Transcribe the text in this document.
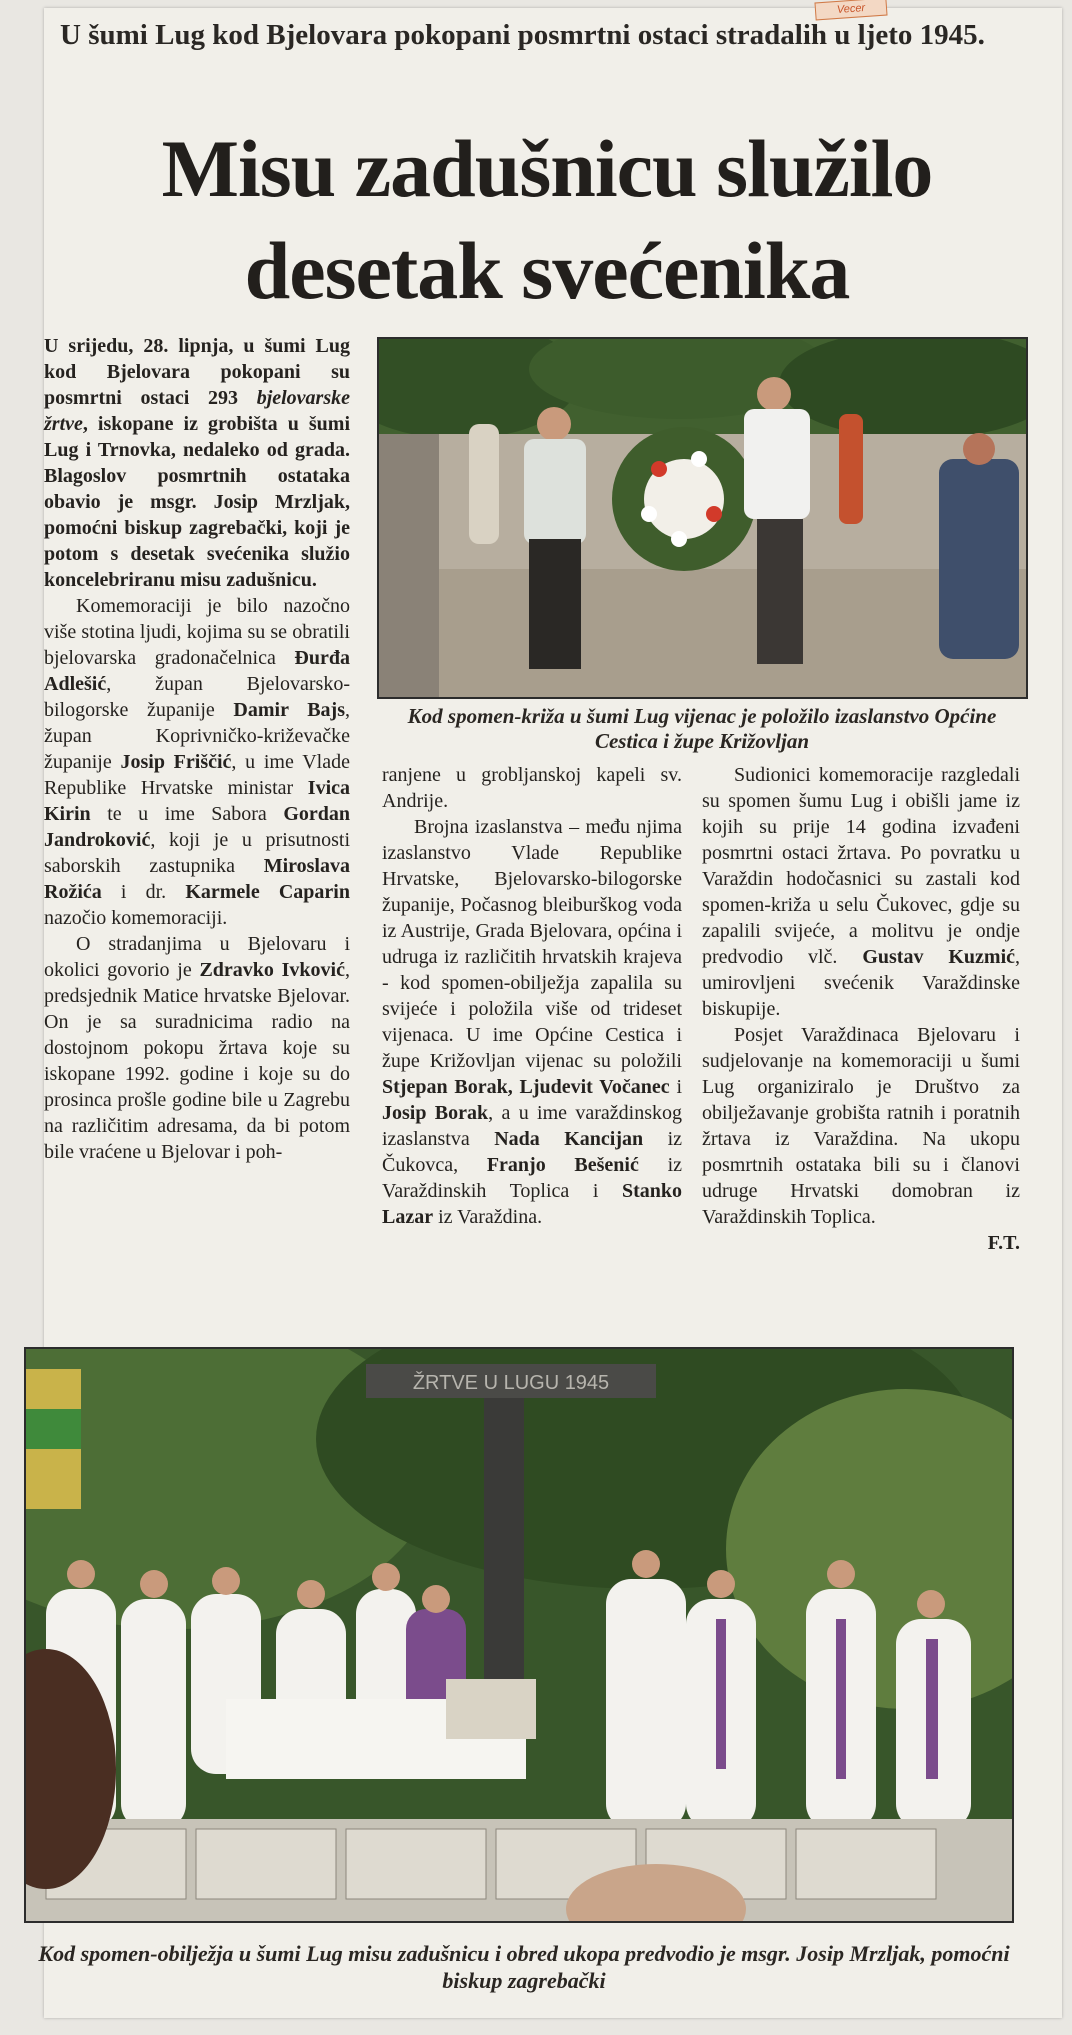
Vecer
U šumi Lug kod Bjelovara pokopani posmrtni ostaci stradalih u ljeto 1945.
Misu zadušnicu služilo
desetak svećenika

U srijedu, 28. lipnja, u šumi Lug kod Bjelovara pokopani su posmrtni ostaci 293 bjelovarske žrtve, iskopane iz grobišta u šumi Lug i Trnovka, nedaleko od grada. Blagoslov posmrtnih ostataka obavio je msgr. Josip Mrzljak, pomoćni biskup zagrebački, koji je potom s desetak svećenika služio koncelebriranu misu zadušnicu.

Komemoraciji je bilo nazočno više stotina ljudi, kojima su se obratili bjelovarska gradonačelnica Đurđa Adlešić, župan Bjelovarsko-bilogorske županije Damir Bajs, župan Koprivničko-križevačke županije Josip Friščić, u ime Vlade Republike Hrvatske ministar Ivica Kirin te u ime Sabora Gordan Jandroković, koji je u prisutnosti saborskih zastupnika Miroslava Rožića i dr. Karmele Caparin nazočio komemoraciji.

O stradanjima u Bjelovaru i okolici govorio je Zdravko Ivković, predsjednik Matice hrvatske Bjelovar. On je sa suradnicima radio na dostojnom pokopu žrtava koje su iskopane 1992. godine i koje su do prosinca prošle godine bile u Zagrebu na različitim adresama, da bi potom bile vraćene u Bjelovar i poh-

Kod spomen-križa u šumi Lug vijenac je položilo izaslanstvo Općine Cestica i župe Križovljan

ranjene u grobljanskoj kapeli sv. Andrije.

Brojna izaslanstva – među njima izaslanstvo Vlade Republike Hrvatske, Bjelovarsko-bilogorske županije, Počasnog bleiburškog voda iz Austrije, Grada Bjelovara, općina i udruga iz različitih hrvatskih krajeva - kod spomen-obilježja zapalila su svijeće i položila više od trideset vijenaca. U ime Općine Cestica i župe Križovljan vijenac su položili Stjepan Borak, Ljudevit Vočanec i Josip Borak, a u ime varaždinskog izaslanstva Nada Kancijan iz Čukovca, Franjo Bešenić iz Varaždinskih Toplica i Stanko Lazar iz Varaždina.

Sudionici komemoracije razgledali su spomen šumu Lug i obišli jame iz kojih su prije 14 godina izvađeni posmrtni ostaci žrtava. Po povratku u Varaždin hodočasnici su zastali kod spomen-križa u selu Čukovec, gdje su zapalili svijeće, a molitvu je ondje predvodio vlč. Gustav Kuzmić, umirovljeni svećenik Varaždinske biskupije.

Posjet Varaždinaca Bjelovaru i sudjelovanje na komemoraciji u šumi Lug organiziralo je Društvo za obilježavanje grobišta ratnih i poratnih žrtava iz Varaždina. Na ukopu posmrtnih ostataka bili su i članovi udruge Hrvatski domobran iz Varaždinskih Toplica.

F.T.
ŽRTVE U LUGU 1945
Kod spomen-obilježja u šumi Lug misu zadušnicu i obred ukopa predvodio je msgr. Josip Mrzljak, pomoćni biskup zagrebački
